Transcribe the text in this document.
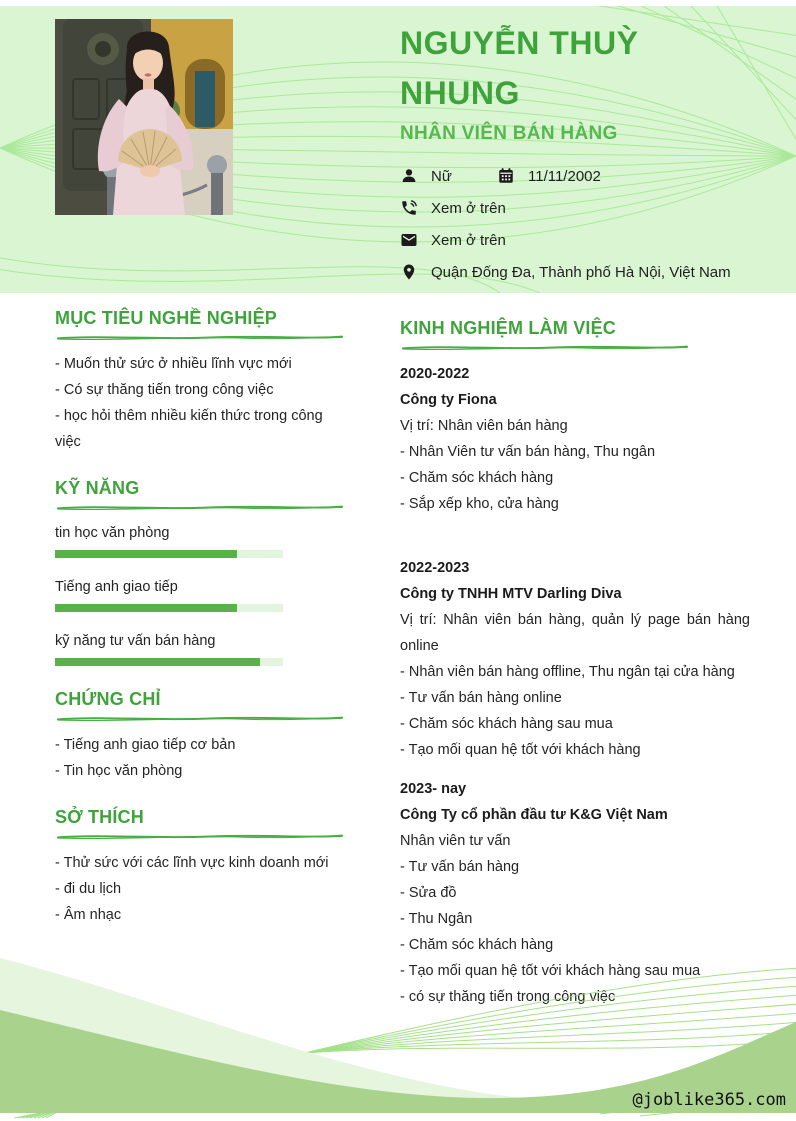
NGUYỄN THUỲ NHUNG
NHÂN VIÊN BÁN HÀNG
Nữ	11/11/2002
Xem ở trên
Xem ở trên
Quận Đống Đa, Thành phố Hà Nội, Việt Nam
MỤC TIÊU NGHỀ NGHIỆP

- Muốn thử sức ở nhiều lĩnh vực mới

- Có sự thăng tiến trong công việc

- học hỏi thêm nhiều kiến thức trong công việc

KỸ NĂNG

tin học văn phòng

Tiếng anh giao tiếp

kỹ năng tư vấn bán hàng

CHỨNG CHỈ

- Tiếng anh giao tiếp cơ bản

- Tin học văn phòng

SỞ THÍCH

- Thử sức với các lĩnh vực kinh doanh mới

- đi du lịch

- Âm nhạc

KINH NGHIỆM LÀM VIỆC

2020-2022

Công ty Fiona

Vị trí: Nhân viên bán hàng

- Nhân Viên tư vấn bán hàng, Thu ngân

- Chăm sóc khách hàng

- Sắp xếp kho, cửa hàng

2022-2023

Công ty TNHH MTV Darling Diva

Vị trí: Nhân viên bán hàng, quản lý page bán hàng online

- Nhân viên bán hàng offline, Thu ngân tại cửa hàng

- Tư vấn bán hàng online

- Chăm sóc khách hàng sau mua

- Tạo mối quan hệ tốt với khách hàng

2023- nay

Công Ty cổ phần đầu tư K&G Việt Nam

Nhân viên tư vấn

- Tư vấn bán hàng

- Sửa đồ

- Thu Ngân

- Chăm sóc khách hàng

- Tạo mối quan hệ tốt với khách hàng sau mua

- có sự thăng tiến trong công việc

@joblike365.com
